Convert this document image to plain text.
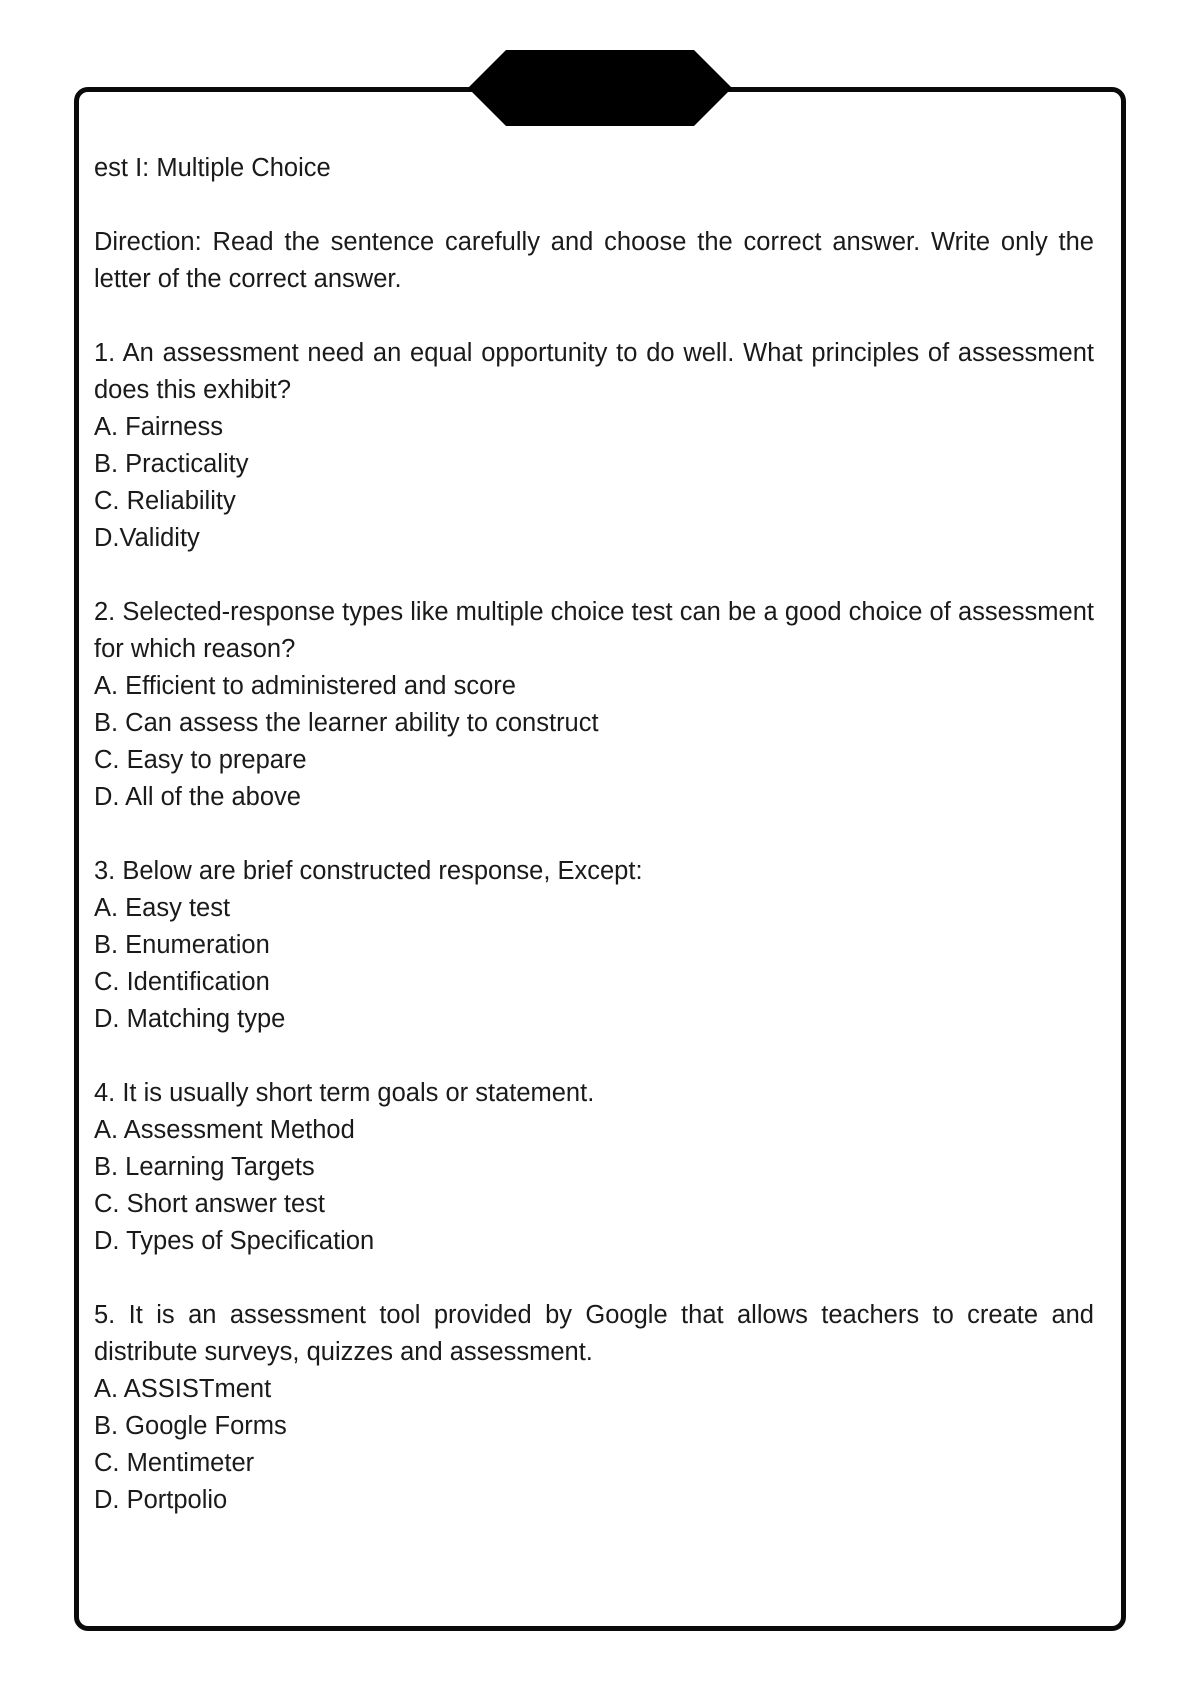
est I: Multiple Choice
Direction: Read the sentence carefully and choose the correct answer. Write only the letter of the correct answer.
1. An assessment need an equal opportunity to do well. What principles of assessment does this exhibit?
A. Fairness
B. Practicality
C. Reliability
D.Validity
2. Selected-response types like multiple choice test can be a good choice of assessment for which reason?
A. Efficient to administered and score
B. Can assess the learner ability to construct
C. Easy to prepare
D. All of the above
3. Below are brief constructed response, Except:
A. Easy test
B. Enumeration
C. Identification
D. Matching type
4. It is usually short term goals or statement.
A. Assessment Method
B. Learning Targets
C. Short answer test
D. Types of Specification
5. It is an assessment tool provided by Google that allows teachers to create and distribute surveys, quizzes and assessment.
A. ASSISTment
B. Google Forms
C. Mentimeter
D. Portpolio
